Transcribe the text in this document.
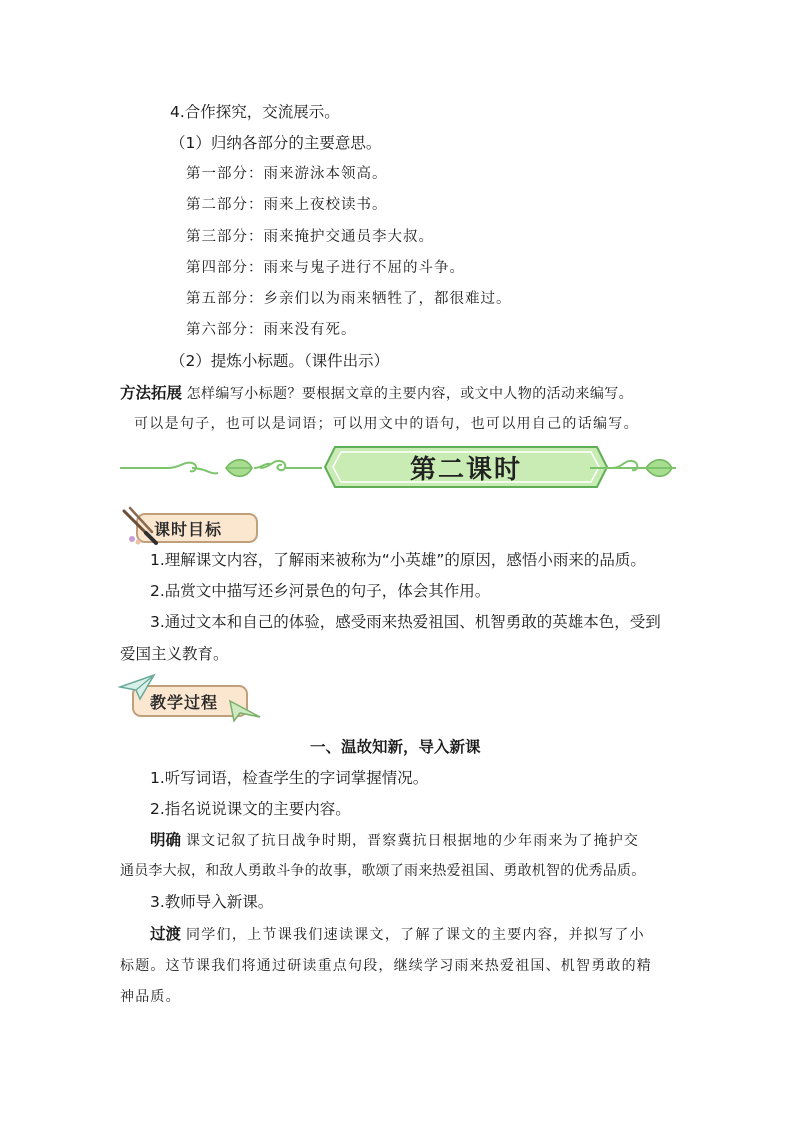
4.合作探究，交流展示。
（1）归纳各部分的主要意思。
第一部分：雨来游泳本领高。
第二部分：雨来上夜校读书。
第三部分：雨来掩护交通员李大叔。
第四部分：雨来与鬼子进行不屈的斗争。
第五部分：乡亲们以为雨来牺牲了，都很难过。
第六部分：雨来没有死。
（2）提炼小标题。（课件出示）
方法拓展 怎样编写小标题？要根据文章的主要内容，或文中人物的活动来编写。
可以是句子，也可以是词语；可以用文中的语句，也可以用自己的话编写。
第二课时
课时目标
1.理解课文内容，了解雨来被称为“小英雄”的原因，感悟小雨来的品质。
2.品赏文中描写还乡河景色的句子，体会其作用。
3.通过文本和自己的体验，感受雨来热爱祖国、机智勇敢的英雄本色，受到
爱国主义教育。
教学过程
一、温故知新，导入新课
1.听写词语，检查学生的字词掌握情况。
2.指名说说课文的主要内容。
明确 课文记叙了抗日战争时期，晋察冀抗日根据地的少年雨来为了掩护交
通员李大叔，和敌人勇敢斗争的故事，歌颂了雨来热爱祖国、勇敢机智的优秀品质。
3.教师导入新课。
过渡 同学们，上节课我们速读课文，了解了课文的主要内容，并拟写了小
标题。这节课我们将通过研读重点句段，继续学习雨来热爱祖国、机智勇敢的精
神品质。
